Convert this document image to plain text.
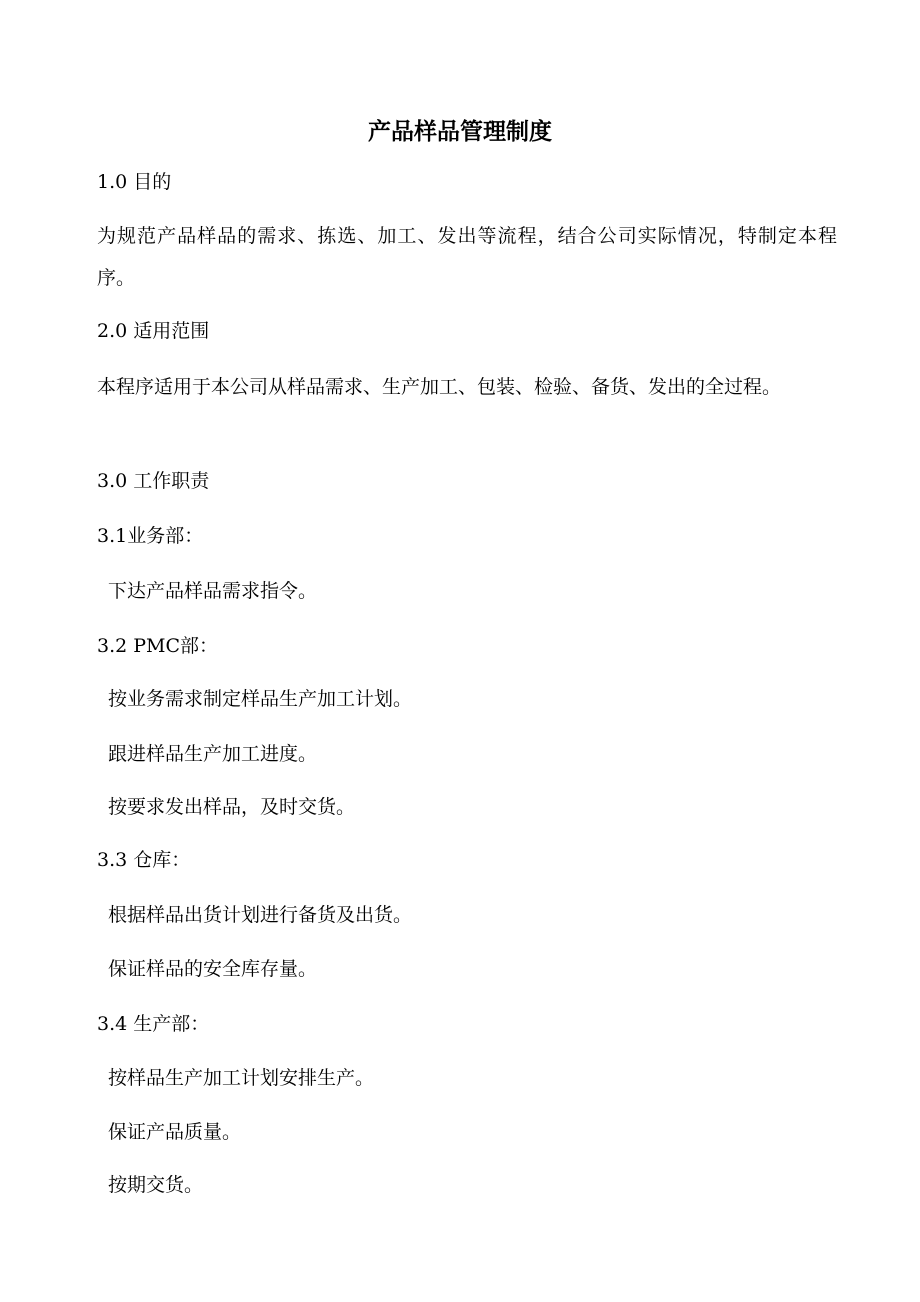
产品样品管理制度

1.0 目的

为规范产品样品的需求、拣选、加工、发出等流程，结合公司实际情况，特制定本程序。

2.0 适用范围

本程序适用于本公司从样品需求、生产加工、包装、检验、备货、发出的全过程。

3.0 工作职责

3.1业务部：

下达产品样品需求指令。

3.2 PMC部：

按业务需求制定样品生产加工计划。

跟进样品生产加工进度。

按要求发出样品，及时交货。

3.3 仓库：

根据样品出货计划进行备货及出货。

保证样品的安全库存量。

3.4 生产部：

按样品生产加工计划安排生产。

保证产品质量。

按期交货。
